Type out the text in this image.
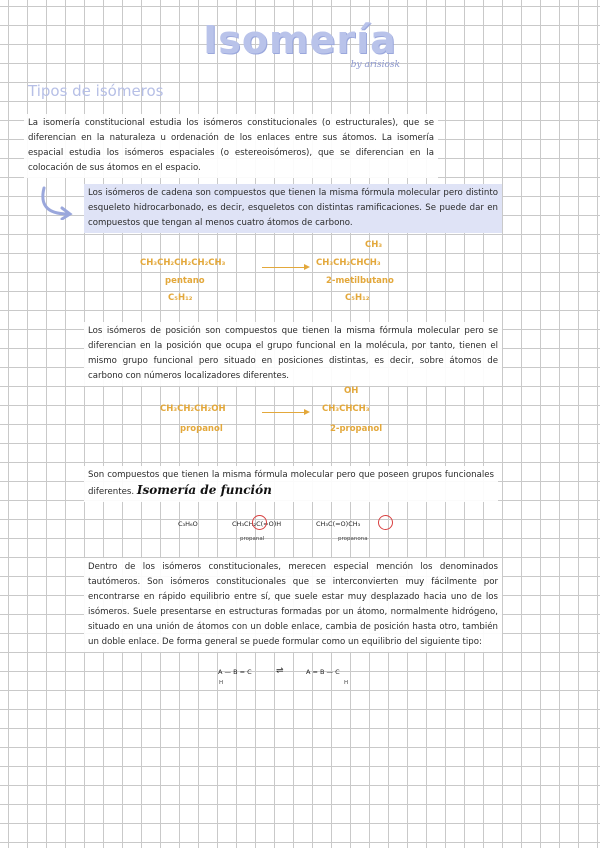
Isomería
by arisiosk
Tipos de isómeros
La isomería constitucional estudia los isómeros constitucionales (o estructurales), que se diferencian en la naturaleza u ordenación de los enlaces entre sus átomos. La isomería espacial estudia los isómeros espaciales (o estereoisómeros), que se diferencian en la colocación de sus átomos en el espacio.
Los isómeros de cadena son compuestos que tienen la misma fórmula molecular pero distinto esqueleto hidrocarbonado, es decir, esqueletos con distintas ramificaciones. Se puede dar en compuestos que tengan al menos cuatro átomos de carbono.
CH₃CH₂CH₂CH₂CH₃
pentano
C₅H₁₂
CH₃
CH₃CH₂CHCH₃
2-metilbutano
C₅H₁₂
Los isómeros de posición son compuestos que tienen la misma fórmula molecular pero se diferencian en la posición que ocupa el grupo funcional en la molécula, por tanto, tienen el mismo grupo funcional pero situado en posiciones distintas, es decir, sobre átomos de carbono con números localizadores diferentes.
CH₃CH₂CH₂OH
propanol
OH
CH₃CHCH₃
2-propanol
Son compuestos que tienen la misma fórmula molecular pero que poseen grupos funcionales diferentes. Isomería de función
C₃H₆O	CH₃CH₂C(=O)H
propanal
CH₃C(=O)CH₃
propanona
Dentro de los isómeros constitucionales, merecen especial mención los denominados tautómeros. Son isómeros constitucionales que se interconvierten muy fácilmente por encontrarse en rápido equilibrio entre sí, que suele estar muy desplazado hacia uno de los isómeros. Suele presentarse en estructuras formadas por un átomo, normalmente hidrógeno, situado en una unión de átomos con un doble enlace, cambia de posición hasta otro, también un doble enlace. De forma general se puede formular como un equilibrio del siguiente tipo:
A — B = C
H
⇌	A = B — C
H
